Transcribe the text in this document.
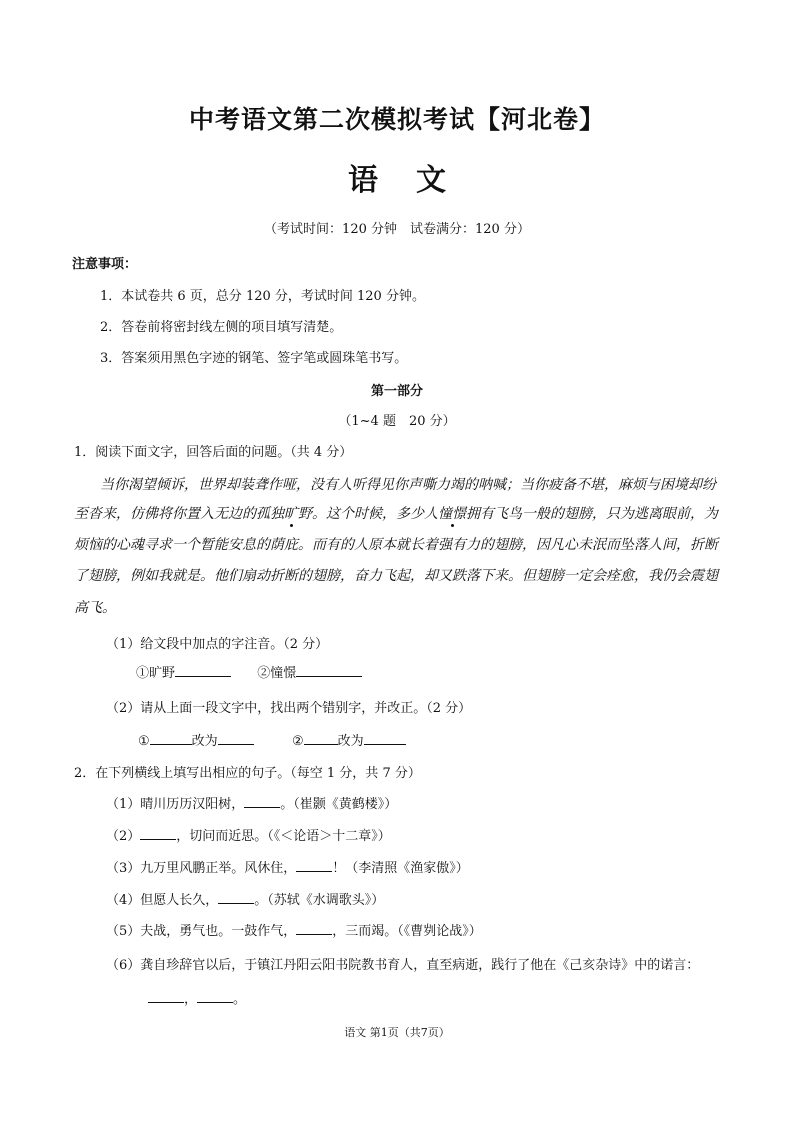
中考语文第二次模拟考试【河北卷】
语文
（考试时间：120 分钟　试卷满分：120 分）
注意事项：
1．本试卷共 6 页，总分 120 分，考试时间 120 分钟。
2．答卷前将密封线左侧的项目填写清楚。
3．答案须用黑色字迹的钢笔、签字笔或圆珠笔书写。
第一部分
（1~4 题　20 分）
1．阅读下面文字，回答后面的问题。（共 4 分）
当你渴望倾诉，世界却装聋作哑，没有人听得见你声嘶力竭的呐喊；当你疲备不堪，麻烦与困境却纷
至沓来，仿佛将你置入无边的孤独旷野。这个时候，多少人憧憬拥有飞鸟一般的翅膀，只为逃离眼前，为
烦恼的心魂寻求一个暂能安息的荫庇。而有的人原本就长着强有力的翅膀，因凡心未泯而坠落人间，折断
了翅膀，例如我就是。他们扇动折断的翅膀，奋力飞起，却又跌落下来。但翅膀一定会痊愈，我仍会震翅
高飞。
（1）给文段中加点的字注音。（2 分）
①旷野	②憧憬
（2）请从上面一段文字中，找出两个错别字，并改正。（2 分）
①	改为	②	改为
2．在下列横线上填写出相应的句子。（每空 1 分，共 7 分）
（1）晴川历历汉阳树，	。（崔颢《黄鹤楼》）
（2）	，切问而近思。（《＜论语＞十二章》）
（3）九万里风鹏正举。风休住，	！（李清照《渔家傲》）
（4）但愿人长久，	。（苏轼《水调歌头》）
（5）夫战，勇气也。一鼓作气，	，三而竭。（《曹刿论战》）
（6）龚自珍辞官以后，于镇江丹阳云阳书院教书育人，直至病逝，践行了他在《己亥杂诗》中的诺言：
，	。
语文 第1页（共7页）
